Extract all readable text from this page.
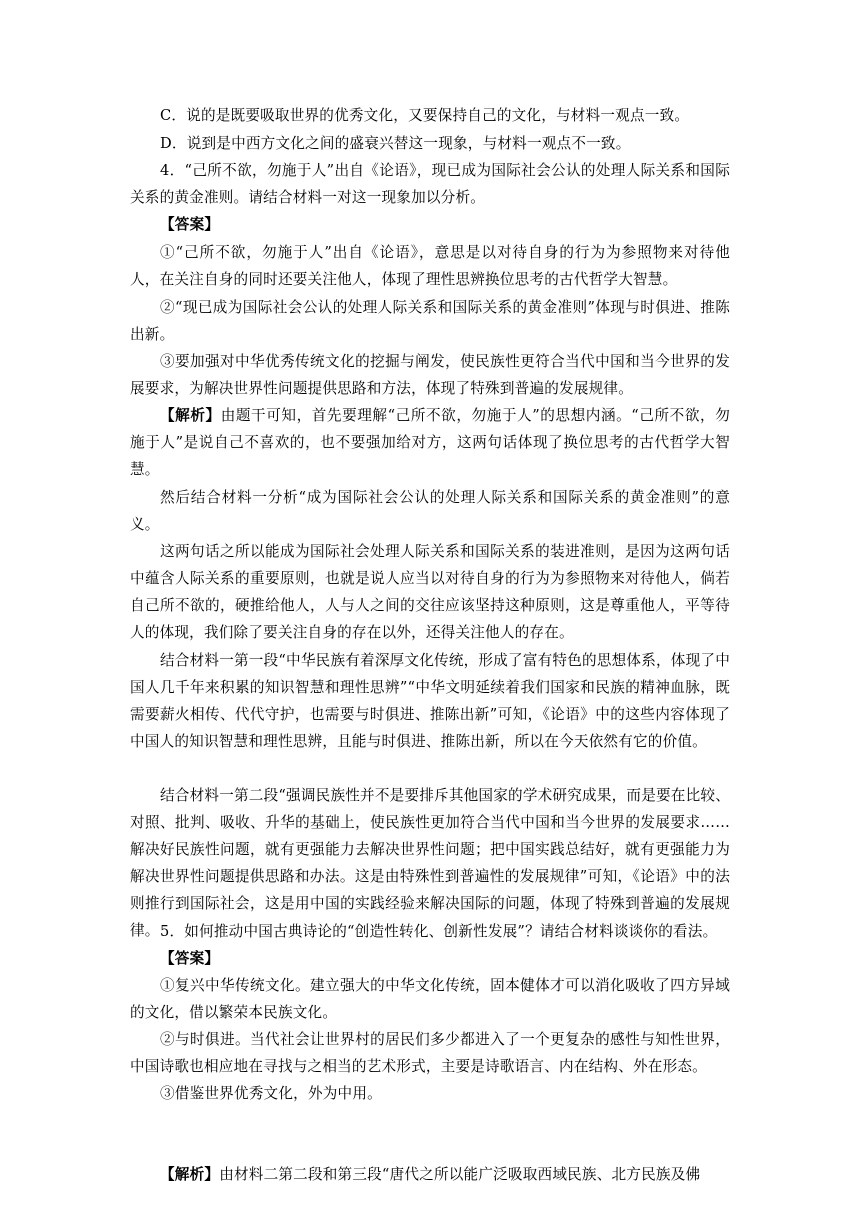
C．说的是既要吸取世界的优秀文化，又要保持自己的文化，与材料一观点一致。

D．说到是中西方文化之间的盛衰兴替这一现象，与材料一观点不一致。

4．“己所不欲，勿施于人”出自《论语》，现已成为国际社会公认的处理人际关系和国际关系的黄金准则。请结合材料一对这一现象加以分析。

【答案】

①“己所不欲，勿施于人”出自《论语》，意思是以对待自身的行为为参照物来对待他人，在关注自身的同时还要关注他人，体现了理性思辨换位思考的古代哲学大智慧。

②“现已成为国际社会公认的处理人际关系和国际关系的黄金准则”体现与时俱进、推陈出新。

③要加强对中华优秀传统文化的挖掘与阐发，使民族性更符合当代中国和当今世界的发展要求，为解决世界性问题提供思路和方法，体现了特殊到普遍的发展规律。

【解析】由题干可知，首先要理解“己所不欲，勿施于人”的思想内涵。“己所不欲，勿施于人”是说自己不喜欢的，也不要强加给对方，这两句话体现了换位思考的古代哲学大智慧。

然后结合材料一分析“成为国际社会公认的处理人际关系和国际关系的黄金准则”的意义。

这两句话之所以能成为国际社会处理人际关系和国际关系的装进准则，是因为这两句话中蕴含人际关系的重要原则，也就是说人应当以对待自身的行为为参照物来对待他人，倘若自己所不欲的，硬推给他人，人与人之间的交往应该坚持这种原则，这是尊重他人，平等待人的体现，我们除了要关注自身的存在以外，还得关注他人的存在。

结合材料一第一段“中华民族有着深厚文化传统，形成了富有特色的思想体系，体现了中国人几千年来积累的知识智慧和理性思辨”“中华文明延续着我们国家和民族的精神血脉，既需要薪火相传、代代守护，也需要与时俱进、推陈出新”可知，《论语》中的这些内容体现了中国人的知识智慧和理性思辨，且能与时俱进、推陈出新，所以在今天依然有它的价值。

结合材料一第二段“强调民族性并不是要排斥其他国家的学术研究成果，而是要在比较、对照、批判、吸收、升华的基础上，使民族性更加符合当代中国和当今世界的发展要求……解决好民族性问题，就有更强能力去解决世界性问题；把中国实践总结好，就有更强能力为解决世界性问题提供思路和办法。这是由特殊性到普遍性的发展规律”可知，《论语》中的法则推行到国际社会，这是用中国的实践经验来解决国际的问题，体现了特殊到普遍的发展规律。 5．如何推动中国古典诗论的“创造性转化、创新性发展”？请结合材料谈谈你的看法。

【答案】

①复兴中华传统文化。建立强大的中华文化传统，固本健体才可以消化吸收了四方异域的文化，借以繁荣本民族文化。

②与时俱进。当代社会让世界村的居民们多少都进入了一个更复杂的感性与知性世界，中国诗歌也相应地在寻找与之相当的艺术形式，主要是诗歌语言、内在结构、外在形态。

③借鉴世界优秀文化，外为中用。

【解析】由材料二第二段和第三段“唐代之所以能广泛吸取西域民族、北方民族及佛
